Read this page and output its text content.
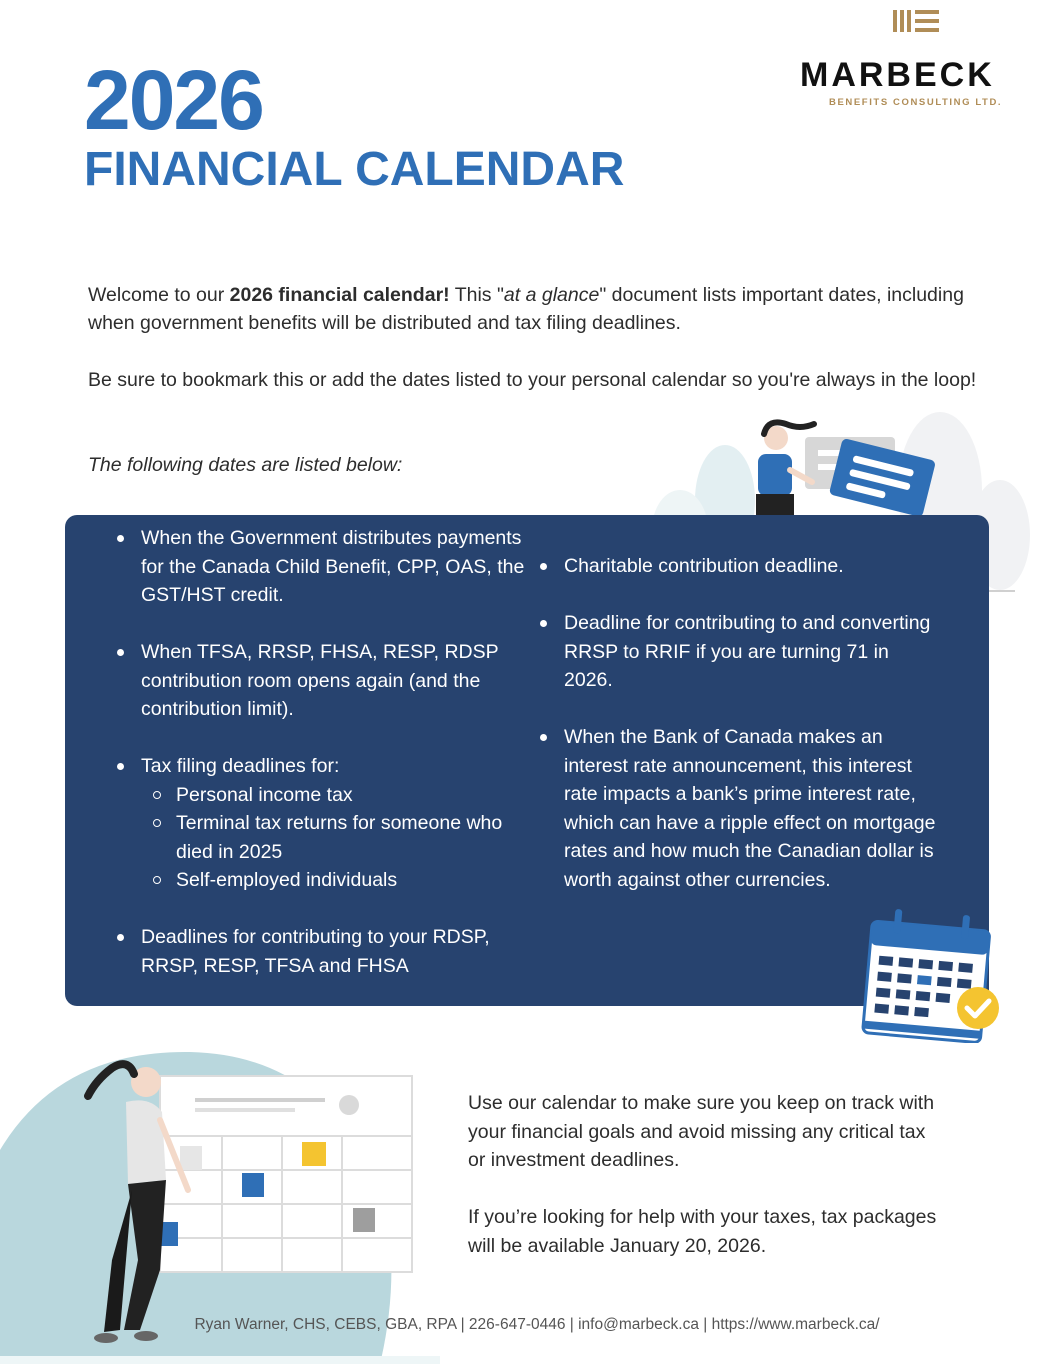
2026
FINANCIAL CALENDAR
MARBECK
BENEFITS CONSULTING LTD.
Welcome to our 2026 financial calendar! This "at a glance" document lists important dates, including when government benefits will be distributed and tax filing deadlines.
Be sure to bookmark this or add the dates listed to your personal calendar so you're always in the loop!
The following dates are listed below:
When the Government distributes payments for the Canada Child Benefit, CPP, OAS, the GST/HST credit.
When TFSA, RRSP, FHSA, RESP, RDSP contribution room opens again (and the contribution limit).
Tax filing deadlines for:
Personal income tax
Terminal tax returns for someone who died in 2025
Self-employed individuals
Deadlines for contributing to your RDSP, RRSP, RESP, TFSA and FHSA
Charitable contribution deadline.
Deadline for contributing to and converting RRSP to RRIF if you are turning 71 in 2026.
When the Bank of Canada makes an interest rate announcement, this interest rate impacts a bank’s prime interest rate, which can have a ripple effect on mortgage rates and how much the Canadian dollar is worth against other currencies.
Use our calendar to make sure you keep on track with your financial goals and avoid missing any critical tax or investment deadlines.
If you’re looking for help with your taxes, tax packages will be available January 20, 2026.
Ryan Warner, CHS, CEBS, GBA, RPA | 226-647-0446 | info@marbeck.ca | https://www.marbeck.ca/
